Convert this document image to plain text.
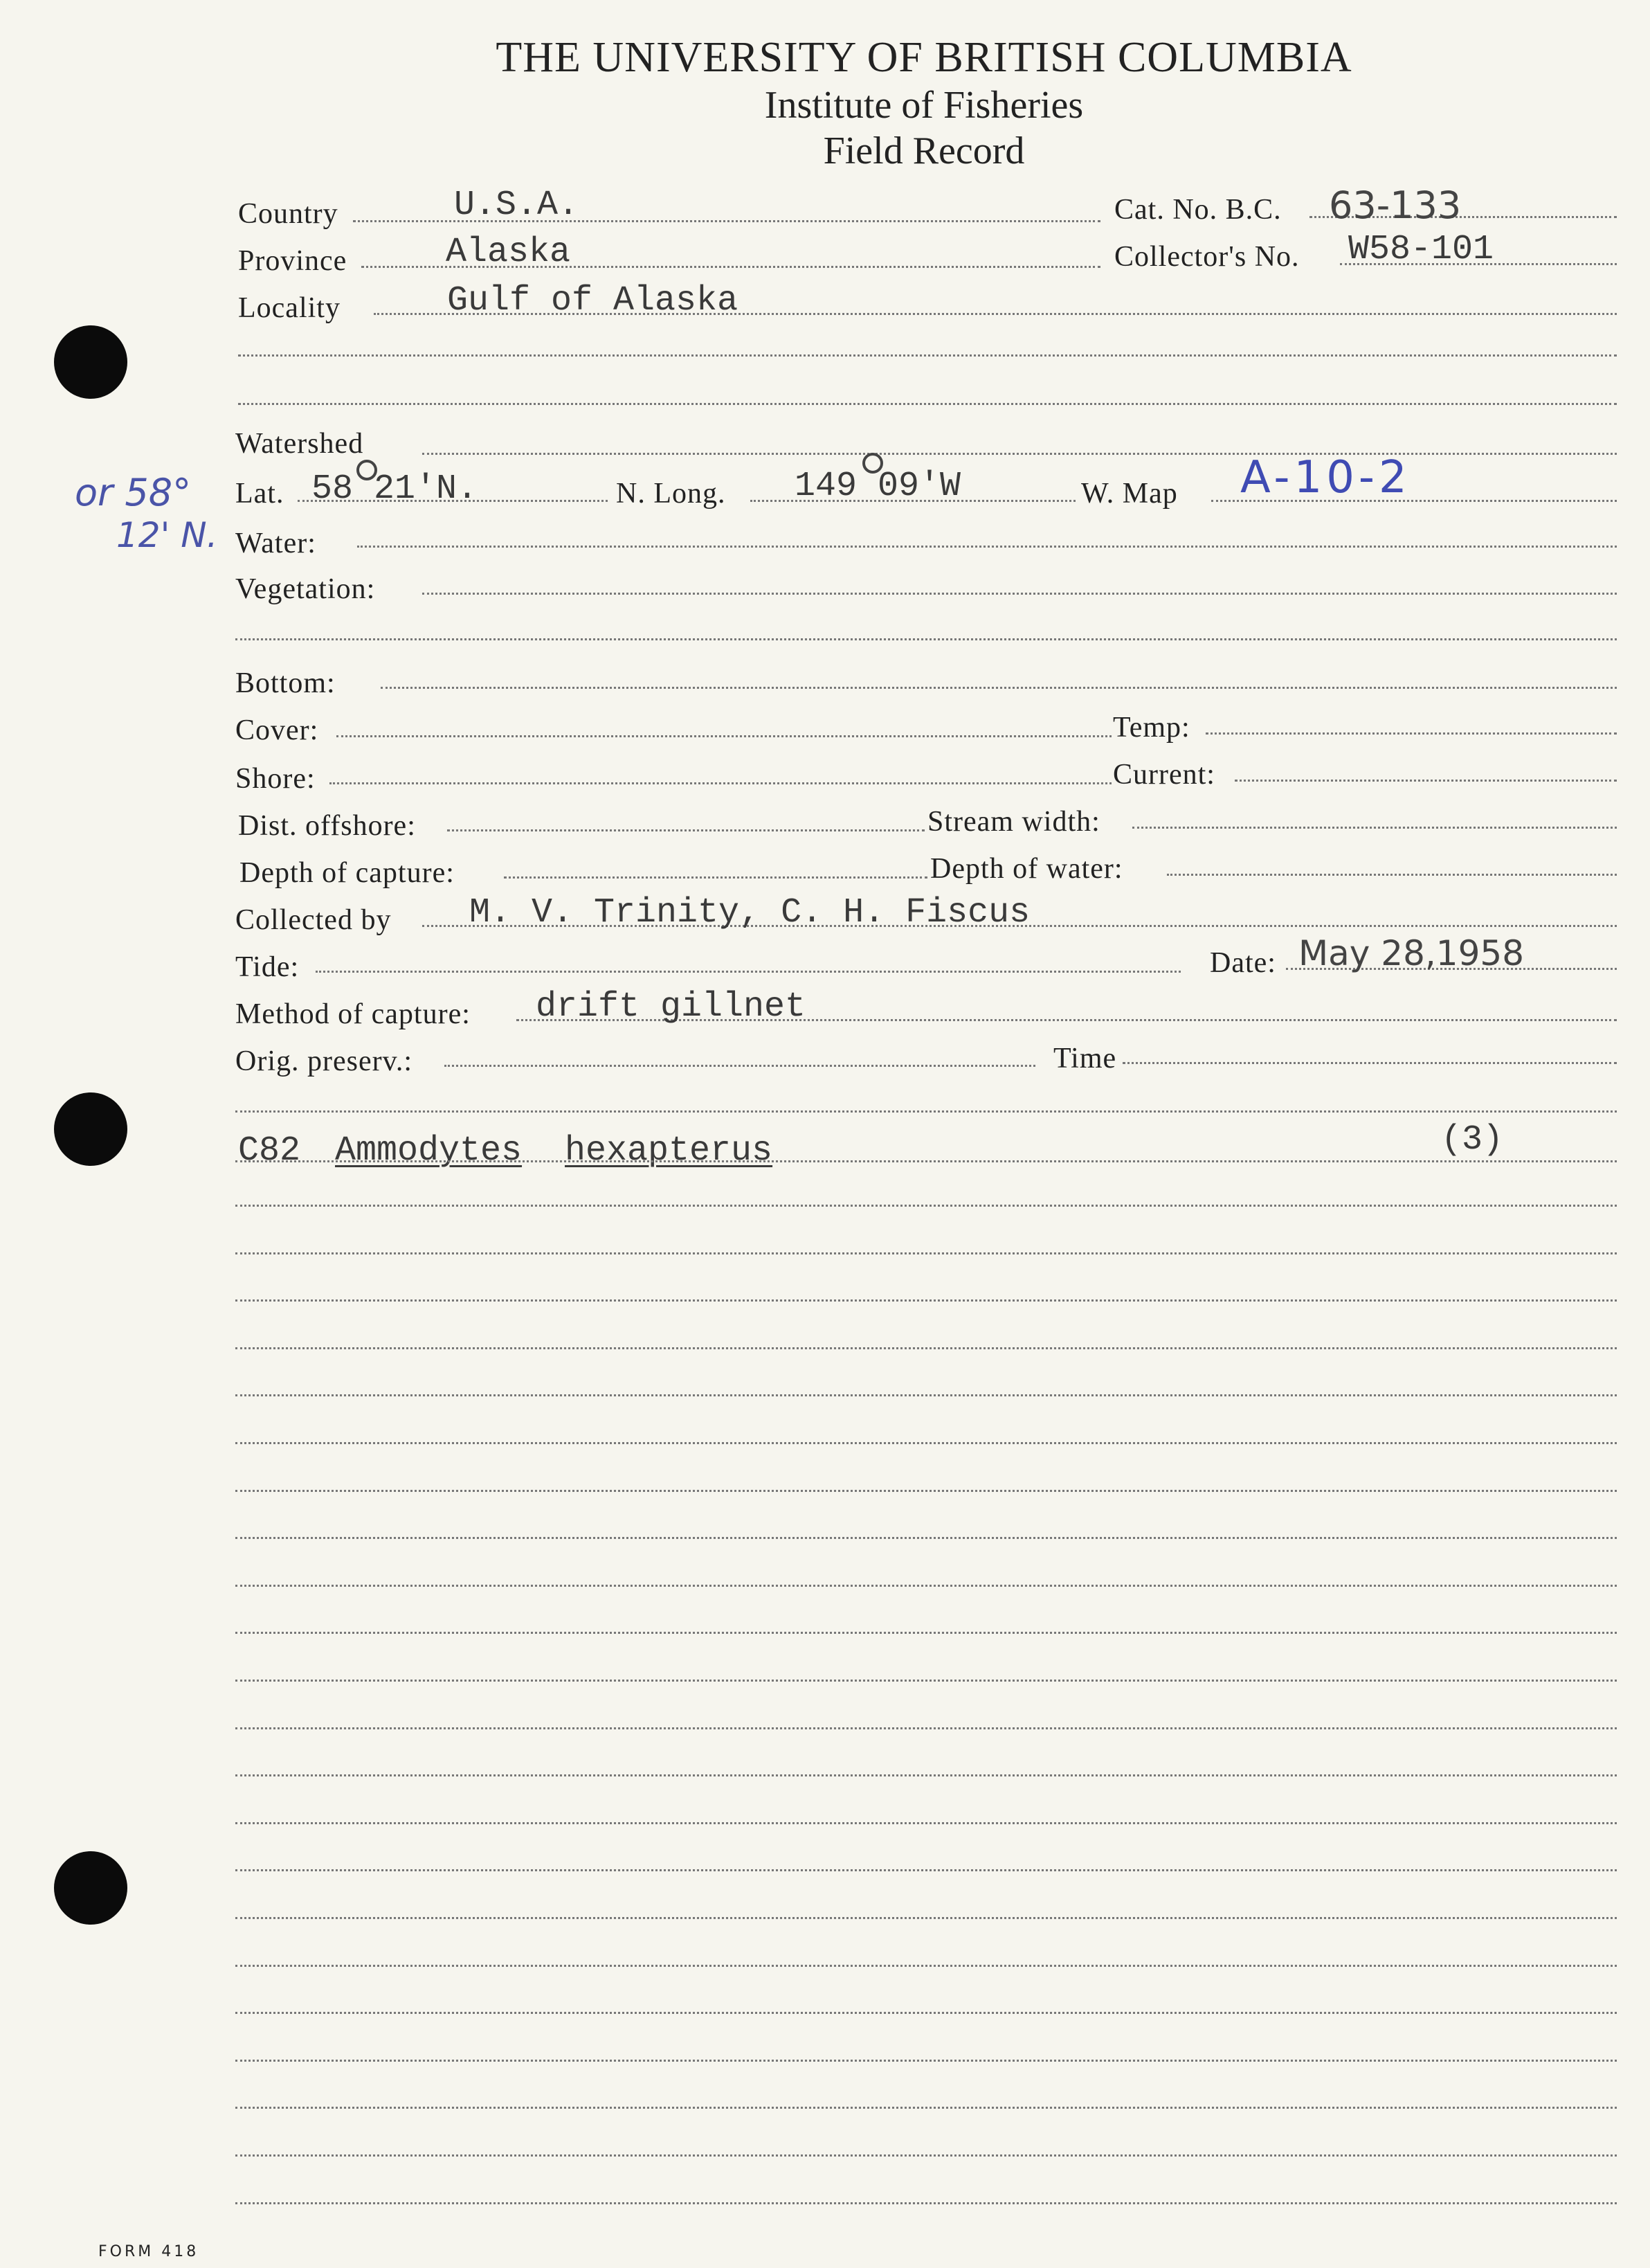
THE UNIVERSITY OF BRITISH COLUMBIA
Institute of Fisheries
Field Record
Country	U.S.A.	Cat. No. B.C. 63-133
Province	Alaska	Collector's No. W58-101
Locality	Gulf of Alaska
Watershed
or 58°
12' N.
Lat. 58 21'N.	N. Long. 149 09'W	W. Map A-10-2
Water:
Vegetation:
Bottom:
Cover:	Temp:
Shore:	Current:
Dist. offshore:	Stream width:
Depth of capture:	Depth of water:
Collected by M. V. Trinity, C. H. Fiscus
Tide:	Date: May 28,1958
Method of capture: drift gillnet
Orig. preserv.:	Time
C82 Ammodytes hexapterus	(3)
FORM 418
